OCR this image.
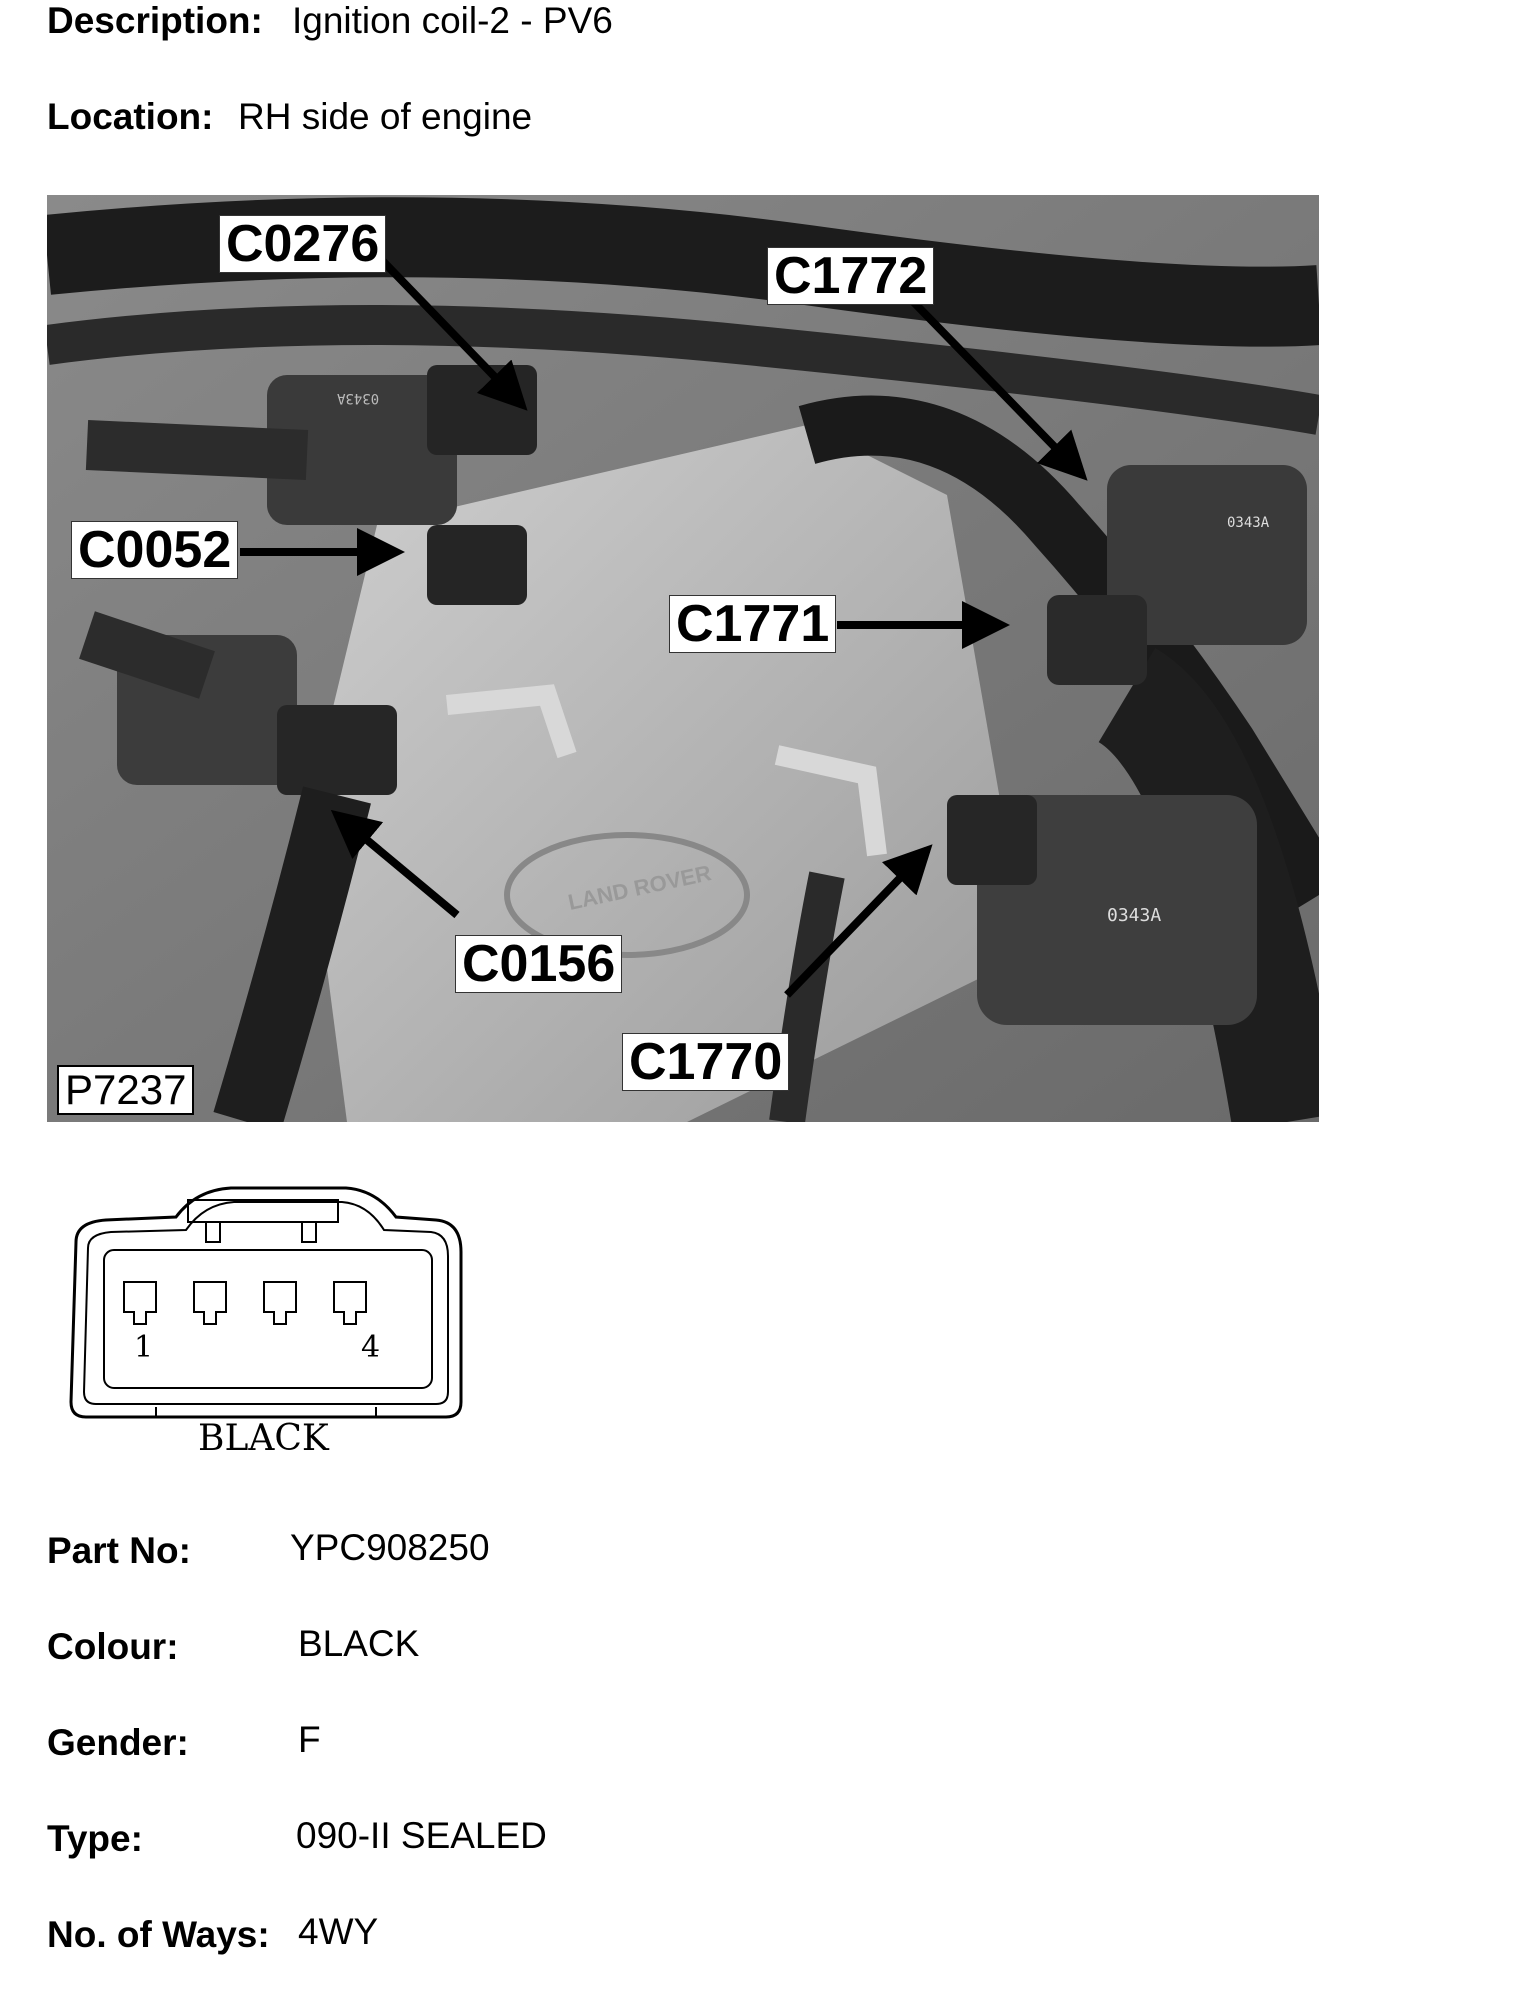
Description: Ignition coil-2 - PV6
Location: RH side of engine
C0276
C1772
C0052
C1771
C0156
C1770
P7237
0343A
0343A
0343A
LAND ROVER
1	4
BLACK
Part No:	YPC908250
Colour:	BLACK
Gender:	F
Type:	090-II SEALED
No. of Ways: 4WY
